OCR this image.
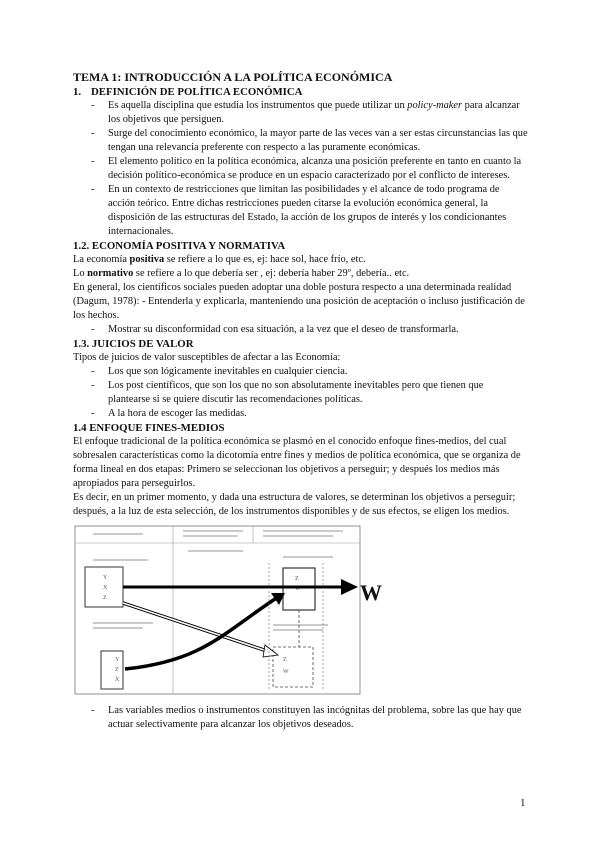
TEMA 1: INTRODUCCIÓN A LA POLÍTICA ECONÓMICA

1. DEFINICIÓN DE POLÍTICA ECONÓMICA

- Es aquella disciplina que estudia los instrumentos que puede utilizar un policy-maker para alcanzar los objetivos que persiguen.
- Surge del conocimiento económico, la mayor parte de las veces van a ser estas circunstancias las que tengan una relevancia preferente con respecto a las puramente económicas.
- El elemento político en la política económica, alcanza una posición preferente en tanto en cuanto la decisión político-económica se produce en un espacio caracterizado por el conflicto de intereses.
- En un contexto de restricciones que limitan las posibilidades y el alcance de todo programa de acción teórico. Entre dichas restricciones pueden citarse la evolución económica general, la disposición de las estructuras del Estado, la acción de los grupos de interés y los condicionantes internacionales.

1.2. ECONOMÍA POSITIVA Y NORMATIVA

La economía positiva se refiere a lo que es, ej: hace sol, hace frío, etc.

Lo normativo se refiere a lo que debería ser , ej: debería haber 29º, debería.. etc.

En general, los científicos sociales pueden adoptar una doble postura respecto a una determinada realidad (Dagum, 1978): - Entenderla y explicarla, manteniendo una posición de aceptación o incluso justificación de los hechos.

- Mostrar su disconformidad con esa situación, a la vez que el deseo de transformarla.

1.3. JUICIOS DE VALOR

Tipos de juicios de valor susceptibles de afectar a las Economía:

- Los que son lógicamente inevitables en cualquier ciencia.
- Los post científicos, que son los que no son absolutamente inevitables pero que tienen que plantearse si se quiere discutir las recomendaciones políticas.
- A la hora de escoger las medidas.

1.4 ENFOQUE FINES-MEDIOS

El enfoque tradicional de la política económica se plasmó en el conocido enfoque fines-medios, del cual sobresalen características como la dicotomía entre fines y medios de política económica, que se organiza de forma lineal en dos etapas: Primero se seleccionan los objetivos a perseguir; y después los medios más apropiados para perseguirlos.

Es decir, en un primer momento, y dada una estructura de valores, se determinan los objetivos a perseguir; después, a la luz de esta selección, de los instrumentos disponibles y de sus efectos, se eligen los medios.

Y
X
Z
Y
Z
X
Z
W
Z
W
W
- Las variables medios o instrumentos constituyen las incógnitas del problema, sobre las que hay que actuar selectivamente para alcanzar los objetivos deseados.
1
